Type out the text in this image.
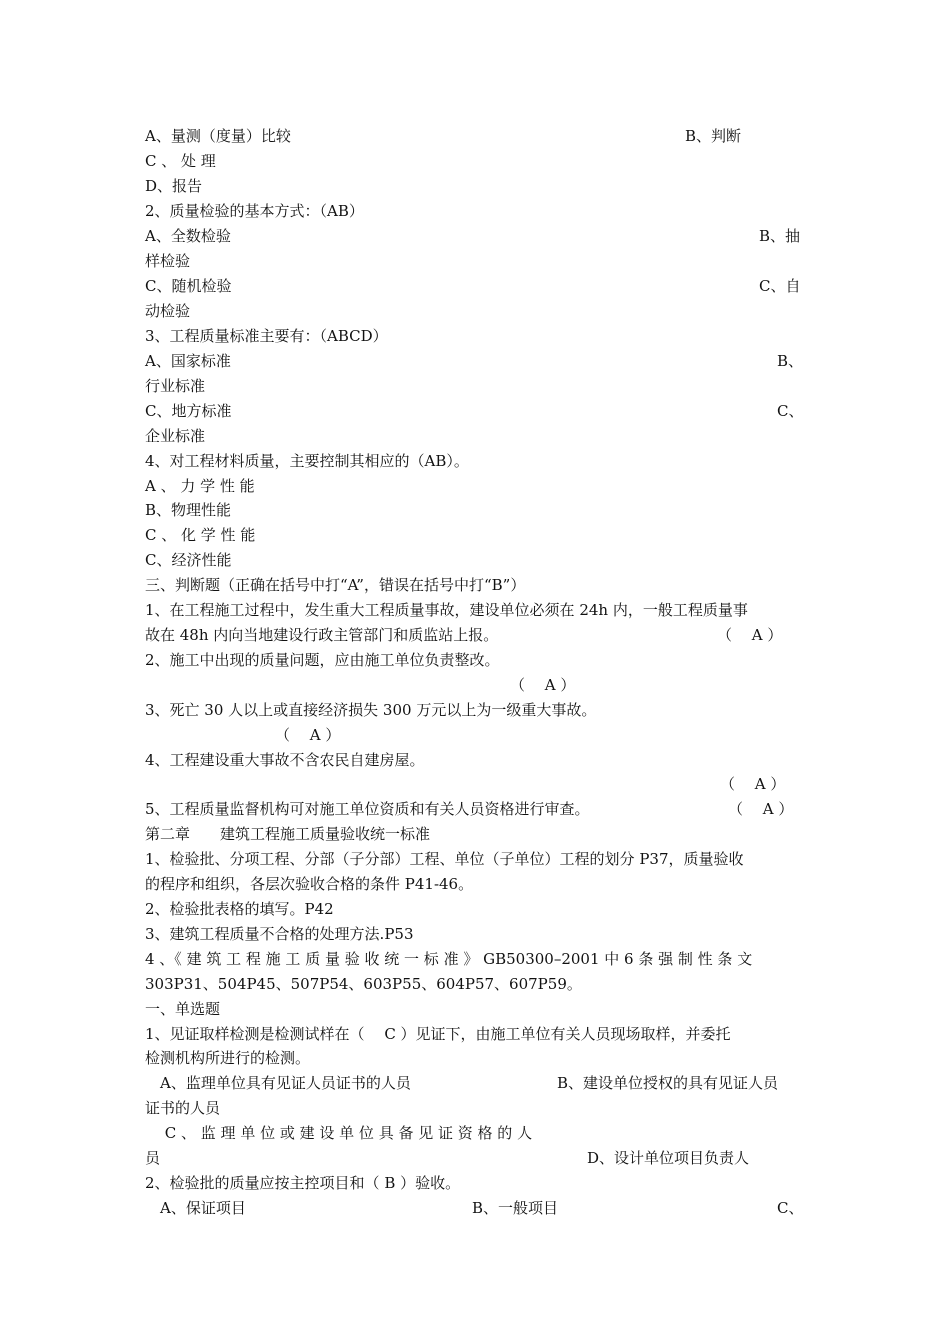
A、量测（度量）比较	B、判断
C 、 处 理
D、报告
2、质量检验的基本方式：（AB）
A、全数检验	B、抽
样检验
C、随机检验	C、自
动检验
3、工程质量标准主要有：（ABCD）
A、国家标准	B、
行业标准
C、地方标准	C、
企业标准
4、对工程材料质量，主要控制其相应的（AB）。
A 、 力 学 性 能
B、物理性能
C 、 化 学 性 能
C、经济性能
三、判断题（正确在括号中打“A”，错误在括号中打“B”）
1、在工程施工过程中，发生重大工程质量事故，建设单位必须在 24h 内，一般工程质量事
故在 48h 内向当地建设行政主管部门和质监站上报。	（　 A ）
2、施工中出现的质量问题，应由施工单位负责整改。
（　 A ）
3、死亡 30 人以上或直接经济损失 300 万元以上为一级重大事故。
（　 A ）
4、工程建设重大事故不含农民自建房屋。
（　 A ）
5、工程质量监督机构可对施工单位资质和有关人员资格进行审查。	（　 A ）
第二章　　建筑工程施工质量验收统一标准
1、检验批、分项工程、分部（子分部）工程、单位（子单位）工程的划分 P37，质量验收
的程序和组织，各层次验收合格的条件 P41-46。
2、检验批表格的填写。P42
3、建筑工程质量不合格的处理方法.P53
4 、《 建 筑 工 程 施 工 质 量 验 收 统 一 标 准 》 GB50300–2001 中 6 条 强 制 性 条 文
303P31、504P45、507P54、603P55、604P57、607P59。
一、单选题
1、见证取样检测是检测试样在（　 C ）见证下，由施工单位有关人员现场取样，并委托
检测机构所进行的检测。
　A、监理单位具有见证人员证书的人员	B、建设单位授权的具有见证人员
证书的人员
　 C 、 监 理 单 位 或 建 设 单 位 具 备 见 证 资 格 的 人
员	D、设计单位项目负责人
2、检验批的质量应按主控项目和（ B ）验收。
　A、保证项目	B、一般项目	C、
